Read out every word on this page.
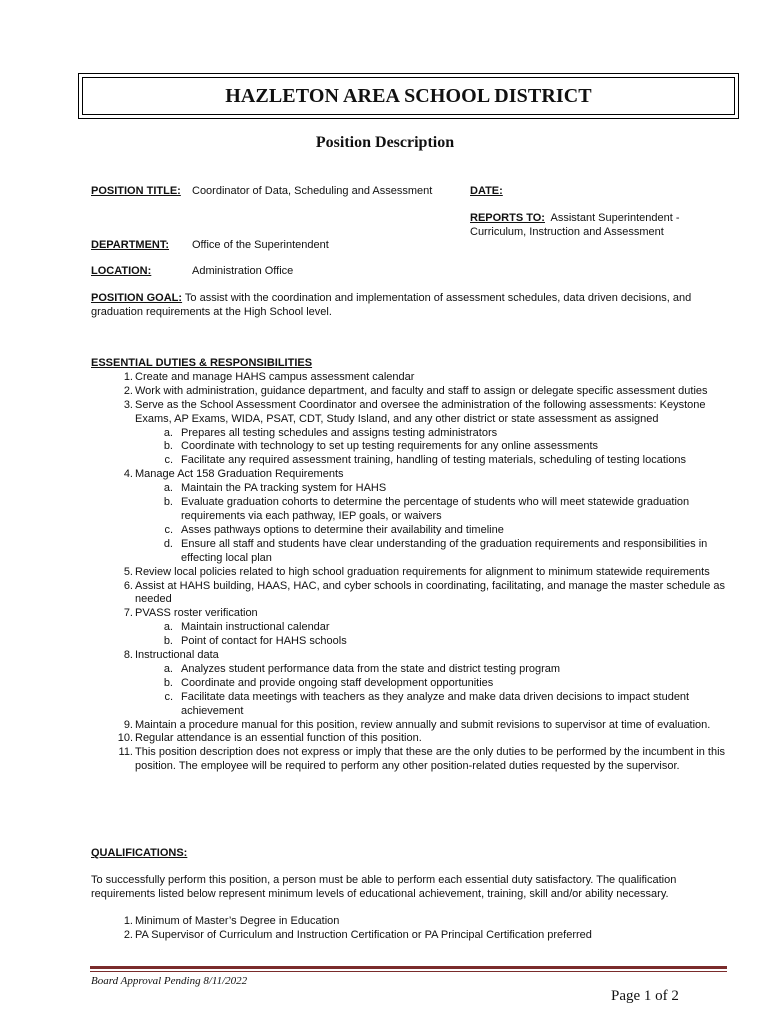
HAZLETON AREA SCHOOL DISTRICT
Position Description
POSITION TITLE: Coordinator of Data, Scheduling and Assessment	DATE:
REPORTS TO: Assistant Superintendent -
Curriculum, Instruction and Assessment
DEPARTMENT: Office of the Superintendent
LOCATION:	Administration Office
POSITION GOAL: To assist with the coordination and implementation of assessment schedules, data driven decisions, and graduation requirements at the High School level.
ESSENTIAL DUTIES & RESPONSIBILITIES
1. Create and manage HAHS campus assessment calendar
2. Work with administration, guidance department, and faculty and staff to assign or delegate specific assessment duties
3. Serve as the School Assessment Coordinator and oversee the administration of the following assessments: Keystone Exams, AP Exams, WIDA, PSAT, CDT, Study Island, and any other district or state assessment as assigned
a. Prepares all testing schedules and assigns testing administrators
b. Coordinate with technology to set up testing requirements for any online assessments
c. Facilitate any required assessment training, handling of testing materials, scheduling of testing locations
4. Manage Act 158 Graduation Requirements
a. Maintain the PA tracking system for HAHS
b. Evaluate graduation cohorts to determine the percentage of students who will meet statewide graduation requirements via each pathway, IEP goals, or waivers
c. Asses pathways options to determine their availability and timeline
d. Ensure all staff and students have clear understanding of the graduation requirements and responsibilities in effecting local plan
5. Review local policies related to high school graduation requirements for alignment to minimum statewide requirements
6. Assist at HAHS building, HAAS, HAC, and cyber schools in coordinating, facilitating, and manage the master schedule as needed
7. PVASS roster verification
a. Maintain instructional calendar
b. Point of contact for HAHS schools
8. Instructional data
a. Analyzes student performance data from the state and district testing program
b. Coordinate and provide ongoing staff development opportunities
c. Facilitate data meetings with teachers as they analyze and make data driven decisions to impact student achievement
9. Maintain a procedure manual for this position, review annually and submit revisions to supervisor at time of evaluation.
10. Regular attendance is an essential function of this position.
11. This position description does not express or imply that these are the only duties to be performed by the incumbent in this position. The employee will be required to perform any other position-related duties requested by the supervisor.
QUALIFICATIONS:
To successfully perform this position, a person must be able to perform each essential duty satisfactory. The qualification requirements listed below represent minimum levels of educational achievement, training, skill and/or ability necessary.
1. Minimum of Master’s Degree in Education
2. PA Supervisor of Curriculum and Instruction Certification or PA Principal Certification preferred
Board Approval Pending 8/11/2022
Page 1 of 2
